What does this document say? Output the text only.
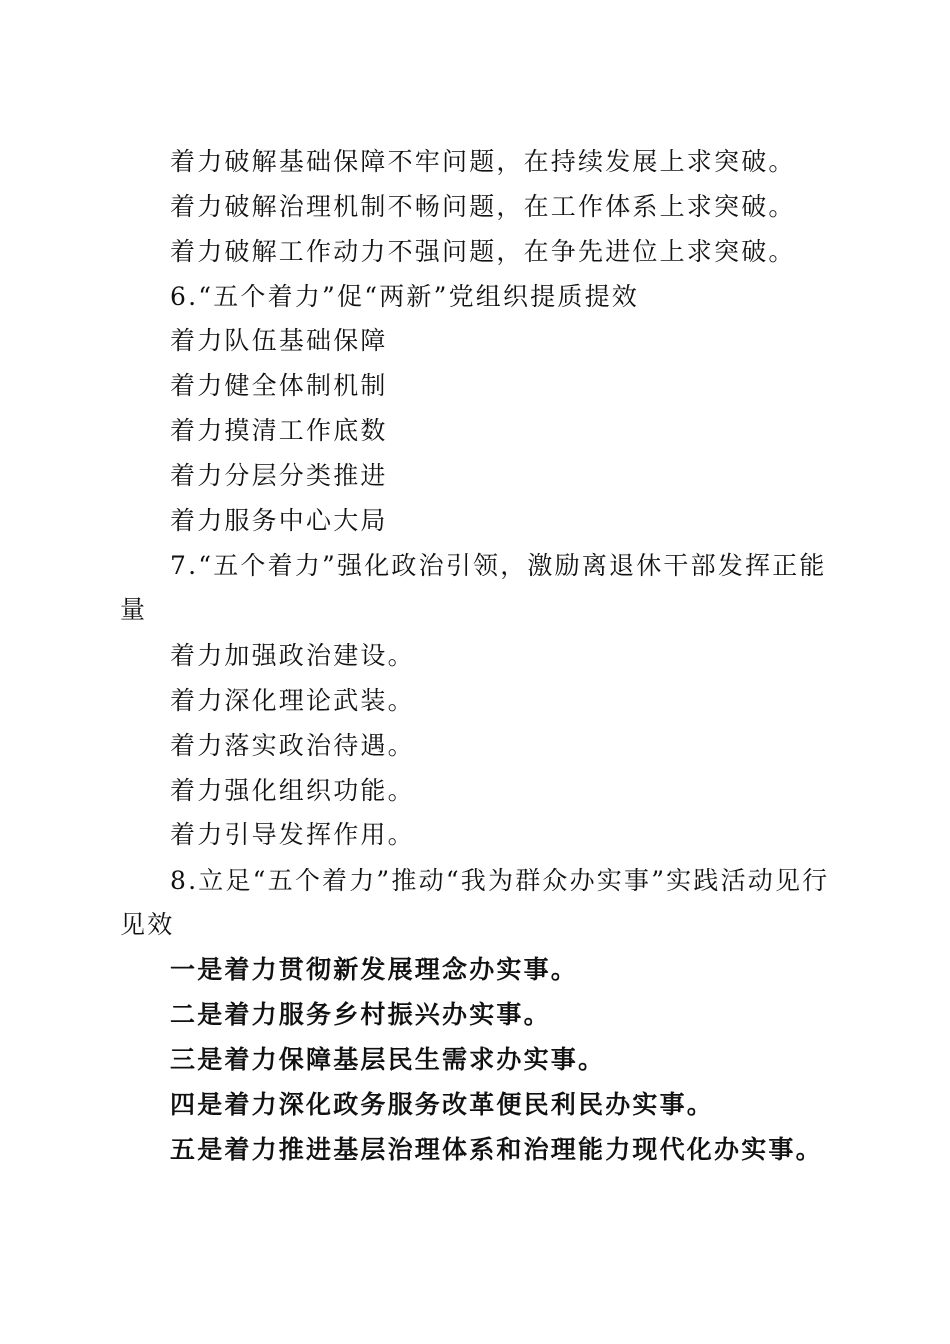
着力破解基础保障不牢问题，在持续发展上求突破。
着力破解治理机制不畅问题，在工作体系上求突破。
着力破解工作动力不强问题，在争先进位上求突破。
6.“五个着力”促“两新”党组织提质提效
着力队伍基础保障
着力健全体制机制
着力摸清工作底数
着力分层分类推进
着力服务中心大局
7.“五个着力”强化政治引领，激励离退休干部发挥正能量
着力加强政治建设。
着力深化理论武装。
着力落实政治待遇。
着力强化组织功能。
着力引导发挥作用。
8.立足“五个着力”推动“我为群众办实事”实践活动见行见效
一是着力贯彻新发展理念办实事。
二是着力服务乡村振兴办实事。
三是着力保障基层民生需求办实事。
四是着力深化政务服务改革便民利民办实事。
五是着力推进基层治理体系和治理能力现代化办实事。
